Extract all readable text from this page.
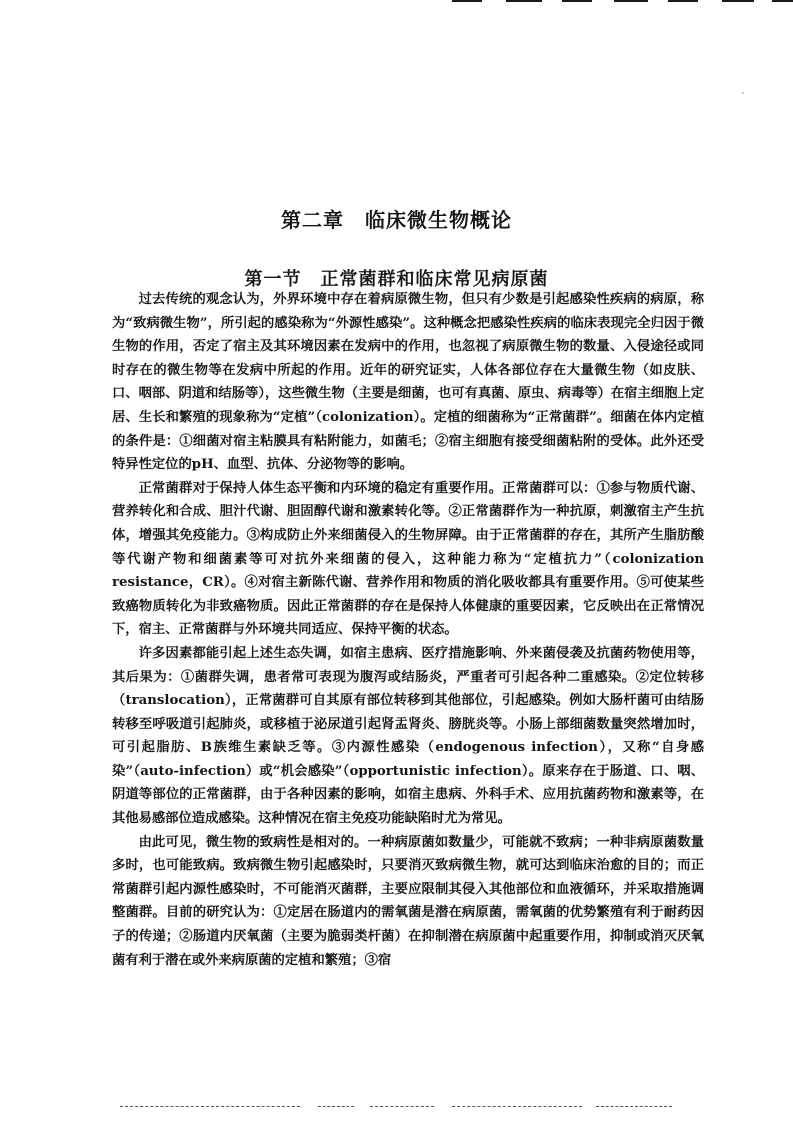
第二章　临床微生物概论
第一节　正常菌群和临床常见病原菌

过去传统的观念认为，外界环境中存在着病原微生物，但只有少数是引起感染性疾病的病原，称为“致病微生物”，所引起的感染称为“外源性感染”。这种概念把感染性疾病的临床表现完全归因于微生物的作用，否定了宿主及其环境因素在发病中的作用，也忽视了病原微生物的数量、入侵途径或同时存在的微生物等在发病中所起的作用。近年的研究证实，人体各部位存在大量微生物（如皮肤、口、咽部、阴道和结肠等），这些微生物（主要是细菌，也可有真菌、原虫、病毒等）在宿主细胞上定居、生长和繁殖的现象称为“定植”（colonization）。定植的细菌称为“正常菌群”。细菌在体内定植的条件是：①细菌对宿主粘膜具有粘附能力，如菌毛；②宿主细胞有接受细菌粘附的受体。此外还受特异性定位的pH、血型、抗体、分泌物等的影响。

正常菌群对于保持人体生态平衡和内环境的稳定有重要作用。正常菌群可以：①参与物质代谢、营养转化和合成、胆汁代谢、胆固醇代谢和激素转化等。②正常菌群作为一种抗原，刺激宿主产生抗体，增强其免疫能力。③构成防止外来细菌侵入的生物屏障。由于正常菌群的存在，其所产生脂肪酸等代谢产物和细菌素等可对抗外来细菌的侵入，这种能力称为“定植抗力”（colonization resistance，CR）。④对宿主新陈代谢、营养作用和物质的消化吸收都具有重要作用。⑤可使某些致癌物质转化为非致癌物质。因此正常菌群的存在是保持人体健康的重要因素，它反映出在正常情况下，宿主、正常菌群与外环境共同适应、保持平衡的状态。

许多因素都能引起上述生态失调，如宿主患病、医疗措施影响、外来菌侵袭及抗菌药物使用等，其后果为：①菌群失调，患者常可表现为腹泻或结肠炎，严重者可引起各种二重感染。②定位转移（translocation），正常菌群可自其原有部位转移到其他部位，引起感染。例如大肠杆菌可由结肠转移至呼吸道引起肺炎，或移植于泌尿道引起肾盂肾炎、膀胱炎等。小肠上部细菌数量突然增加时，可引起脂肪、B族维生素缺乏等。③内源性感染（endogenous infection），又称“自身感染”（auto-infection）或“机会感染”（opportunistic infection）。原来存在于肠道、口、咽、阴道等部位的正常菌群，由于各种因素的影响，如宿主患病、外科手术、应用抗菌药物和激素等，在其他易感部位造成感染。这种情况在宿主免疫功能缺陷时尤为常见。

由此可见，微生物的致病性是相对的。一种病原菌如数量少，可能就不致病；一种非病原菌数量多时，也可能致病。致病微生物引起感染时，只要消灭致病微生物，就可达到临床治愈的目的；而正常菌群引起内源性感染时，不可能消灭菌群，主要应限制其侵入其他部位和血液循环，并采取措施调整菌群。目前的研究认为：①定居在肠道内的需氧菌是潜在病原菌，需氧菌的优势繁殖有利于耐药因子的传递；②肠道内厌氧菌（主要为脆弱类杆菌）在抑制潜在病原菌中起重要作用，抑制或消灭厌氧菌有利于潜在或外来病原菌的定植和繁殖；③宿
